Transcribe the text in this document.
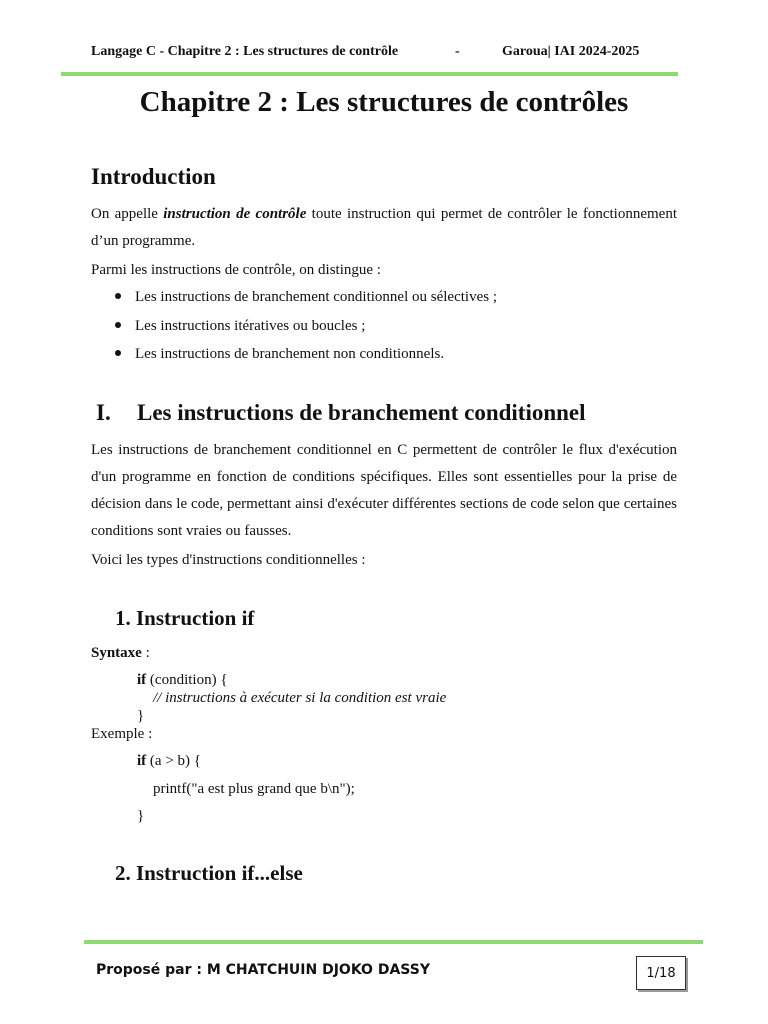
Langage C - Chapitre 2 : Les structures de contrôle	-	Garoua| IAI 2024-2025
Chapitre 2 : Les structures de contrôles
Introduction

On appelle instruction de contrôle toute instruction qui permet de contrôler le fonctionnement d’un programme.

Parmi les instructions de contrôle, on distingue :
Les instructions de branchement conditionnel ou sélectives ;
Les instructions itératives ou boucles ;
Les instructions de branchement non conditionnels.
I. Les instructions de branchement conditionnel

Les instructions de branchement conditionnel en C permettent de contrôler le flux d'exécution d'un programme en fonction de conditions spécifiques. Elles sont essentielles pour la prise de décision dans le code, permettant ainsi d'exécuter différentes sections de code selon que certaines conditions sont vraies ou fausses.

Voici les types d'instructions conditionnelles :
1. Instruction if
Syntaxe :
if (condition) {
// instructions à exécuter si la condition est vraie
}
Exemple :
if (a > b) {
printf("a est plus grand que b\n");
}
2. Instruction if...else
Proposé par : M CHATCHUIN DJOKO DASSY	1/18
